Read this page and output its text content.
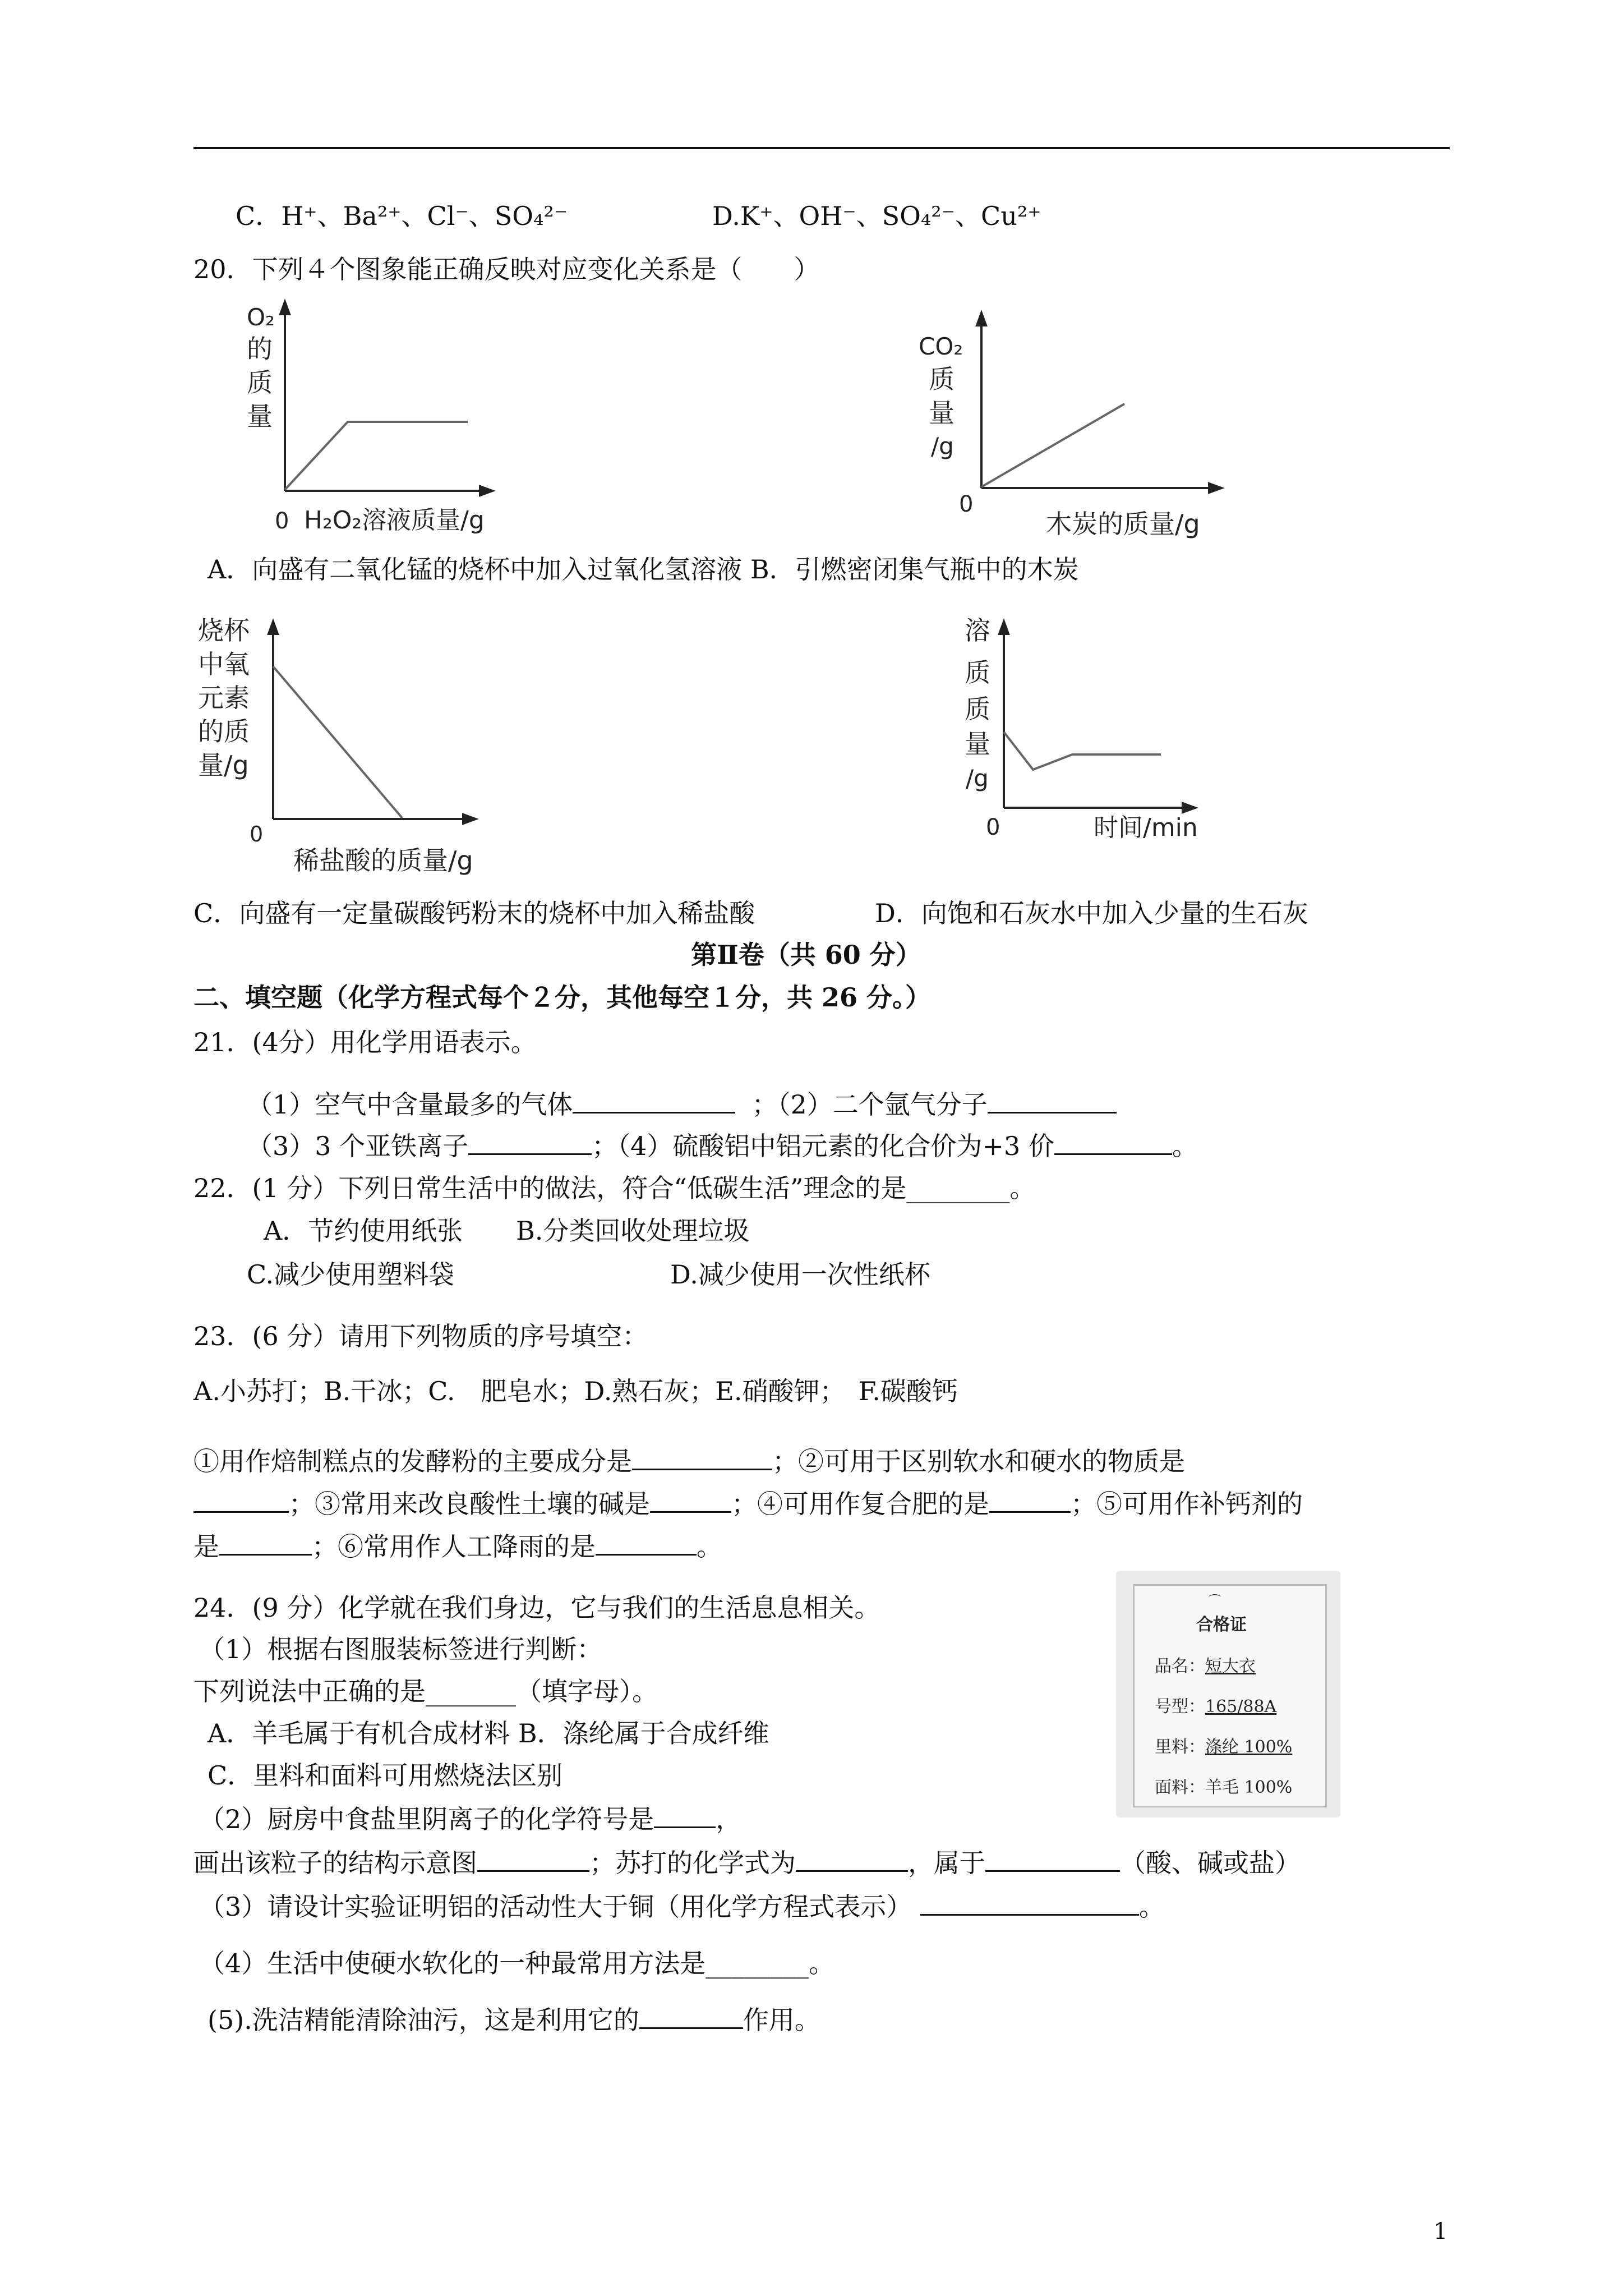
C．H⁺、Ba²⁺、Cl⁻、SO₄²⁻	D.K⁺、OH⁻、SO₄²⁻、Cu²⁺
20．下列４个图象能正确反映对应变化关系是（　　）
O₂
的
质
量
0 H₂O₂溶液质量/g
CO₂
质
量
/g
0
木炭的质量/g
A．向盛有二氧化锰的烧杯中加入过氧化氢溶液 B．引燃密闭集气瓶中的木炭
烧杯
中氧
元素
的质
量/g
0
稀盐酸的质量/g
溶
质
质
量
/g
0	时间/min
C．向盛有一定量碳酸钙粉末的烧杯中加入稀盐酸	D．向饱和石灰水中加入少量的生石灰
第Ⅱ卷（共 60 分）
二、填空题（化学方程式每个２分，其他每空１分，共 26 分。）
21．(4分）用化学用语表示。
（1）空气中含量最多的气体	；（2）二个氩气分子
（3）3 个亚铁离子	；（4）硫酸铝中铝元素的化合价为+3 价	。
22．(1 分）下列日常生活中的做法，符合“低碳生活”理念的是________。
A．节约使用纸张 B.分类回收处理垃圾
C.减少使用塑料袋	D.减少使用一次性纸杯
23．(6 分）请用下列物质的序号填空：
A.小苏打；B.干冰；C.　肥皂水；D.熟石灰；E.硝酸钾；　F.碳酸钙
①用作焙制糕点的发酵粉的主要成分是	；②可用于区别软水和硬水的物质是
；③常用来改良酸性土壤的碱是	；④可用作复合肥的是	；⑤可用作补钙剂的
是	；⑥常用作人工降雨的是	。
24．(9 分）化学就在我们身边，它与我们的生活息息相关。
（1）根据右图服装标签进行判断：
下列说法中正确的是_______（填字母）。
A．羊毛属于有机合成材料 B．涤纶属于合成纤维
C．里料和面料可用燃烧法区别
（2）厨房中食盐里阴离子的化学符号是 ，
画出该粒子的结构示意图	；苏打的化学式为	，属于	（酸、碱或盐）
（3）请设计实验证明铝的活动性大于铜（用化学方程式表示）	。
（4）生活中使硬水软化的一种最常用方法是________。
(5).洗洁精能清除油污，这是利用它的	作用。
⌒
合格证
品名：短大衣
号型：165/88A
里料：涤纶 100%
面料：羊毛 100%
1
